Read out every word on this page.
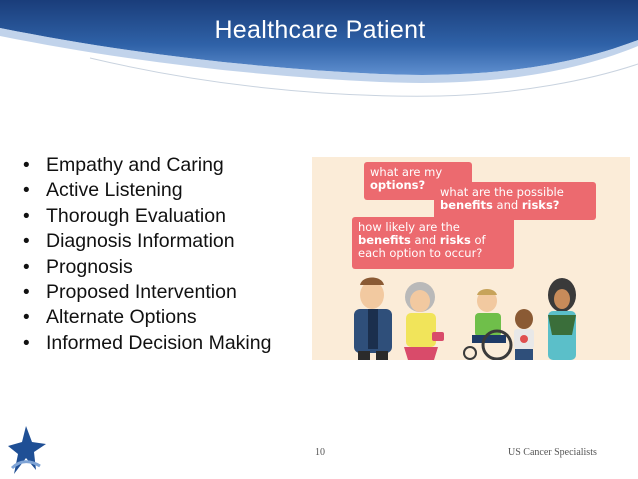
Healthcare Patient
• Empathy and Caring
• Active Listening
• Thorough Evaluation
• Diagnosis Information
• Prognosis
• Proposed Intervention
• Alternate Options
• Informed Decision Making
what are my
options?	what are the possible
benefits and risks?
how likely are the
benefits and risks of
each option to occur?
10	US Cancer Specialists
